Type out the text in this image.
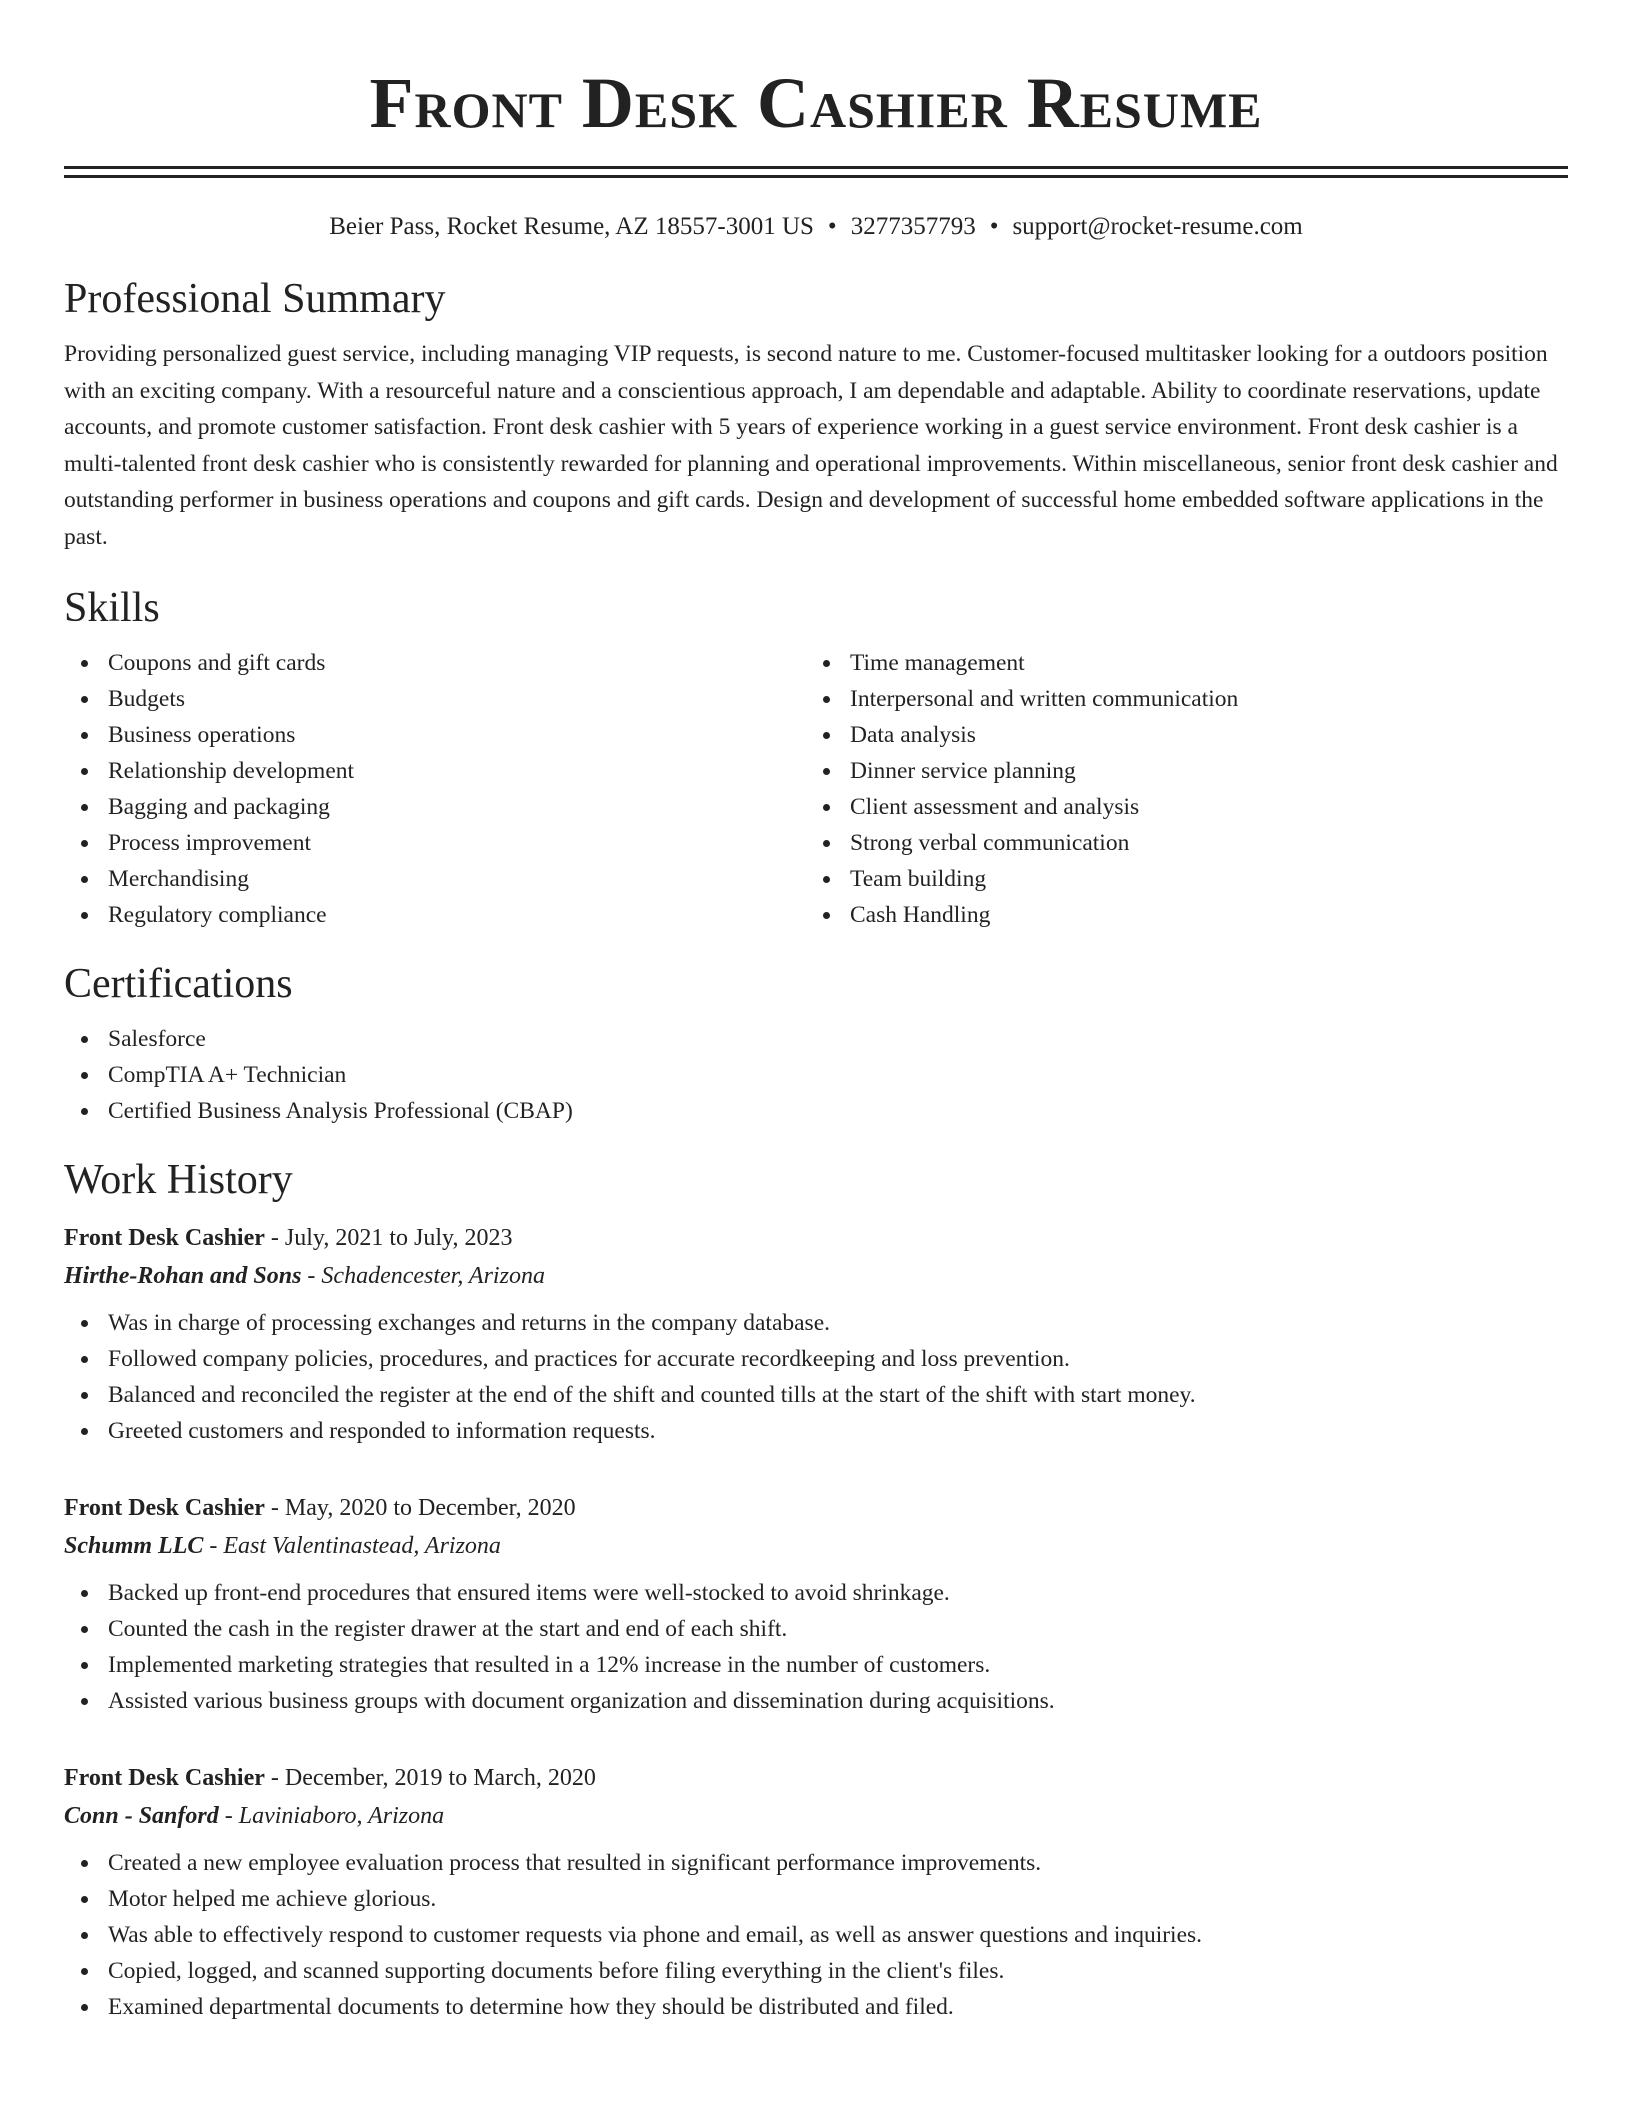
Front Desk Cashier Resume
Beier Pass, Rocket Resume, AZ 18557-3001 US • 3277357793 • support@rocket-resume.com
Professional Summary

Providing personalized guest service, including managing VIP requests, is second nature to me. Customer-focused multitasker looking for a outdoors position with an exciting company. With a resourceful nature and a conscientious approach, I am dependable and adaptable. Ability to coordinate reservations, update accounts, and promote customer satisfaction. Front desk cashier with 5 years of experience working in a guest service environment. Front desk cashier is a multi-talented front desk cashier who is consistently rewarded for planning and operational improvements. Within miscellaneous, senior front desk cashier and outstanding performer in business operations and coupons and gift cards. Design and development of successful home embedded software applications in the past.

Skills
Coupons and gift cards
Budgets
Business operations
Relationship development
Bagging and packaging
Process improvement
Merchandising
Regulatory compliance
Time management
Interpersonal and written communication
Data analysis
Dinner service planning
Client assessment and analysis
Strong verbal communication
Team building
Cash Handling
Certifications
Salesforce
CompTIA A+ Technician
Certified Business Analysis Professional (CBAP)
Work History
Front Desk Cashier - July, 2021 to July, 2023
Hirthe-Rohan and Sons - Schadencester, Arizona
Was in charge of processing exchanges and returns in the company database.
Followed company policies, procedures, and practices for accurate recordkeeping and loss prevention.
Balanced and reconciled the register at the end of the shift and counted tills at the start of the shift with start money.
Greeted customers and responded to information requests.
Front Desk Cashier - May, 2020 to December, 2020
Schumm LLC - East Valentinastead, Arizona
Backed up front-end procedures that ensured items were well-stocked to avoid shrinkage.
Counted the cash in the register drawer at the start and end of each shift.
Implemented marketing strategies that resulted in a 12% increase in the number of customers.
Assisted various business groups with document organization and dissemination during acquisitions.
Front Desk Cashier - December, 2019 to March, 2020
Conn - Sanford - Laviniaboro, Arizona
Created a new employee evaluation process that resulted in significant performance improvements.
Motor helped me achieve glorious.
Was able to effectively respond to customer requests via phone and email, as well as answer questions and inquiries.
Copied, logged, and scanned supporting documents before filing everything in the client's files.
Examined departmental documents to determine how they should be distributed and filed.
